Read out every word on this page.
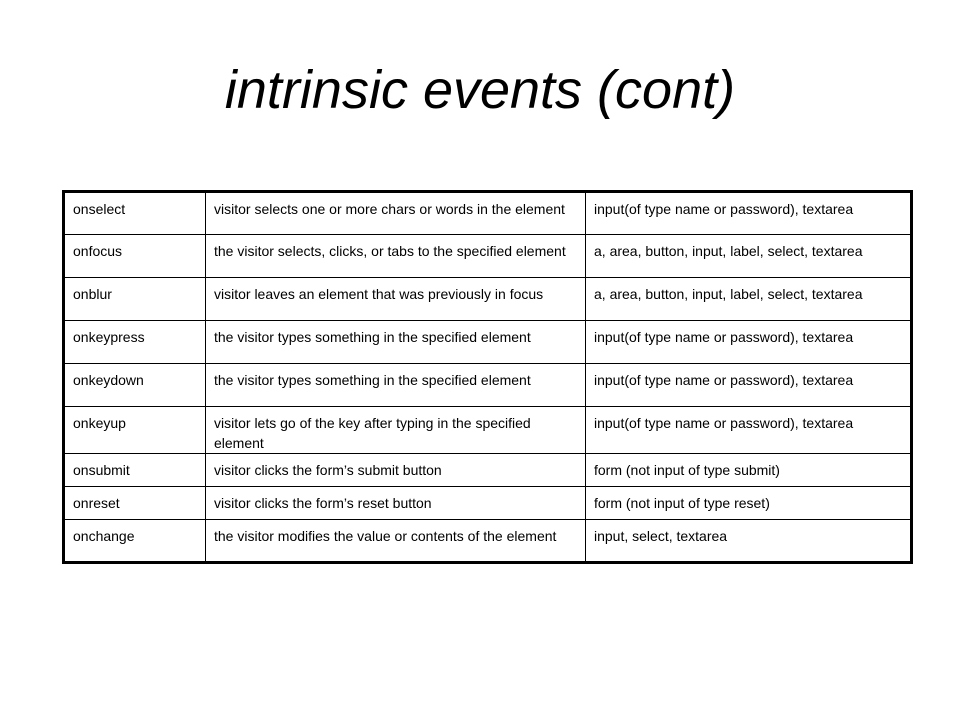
intrinsic events (cont)
onselect	visitor selects one or more chars or words in the element	input(of type name or password), textarea
onfocus	the visitor selects, clicks, or tabs to the specified element	a, area, button, input, label, select, textarea
onblur	visitor leaves an element that was previously in focus	a, area, button, input, label, select, textarea
onkeypress	the visitor types something in the specified element	input(of type name or password), textarea
onkeydown	the visitor types something in the specified element	input(of type name or password), textarea
onkeyup	visitor lets go of the key after typing in the specified element	input(of type name or password), textarea
onsubmit	visitor clicks the form’s submit button	form (not input of type submit)
onreset	visitor clicks the form’s reset button	form (not input of type reset)
onchange	the visitor modifies the value or contents of the element	input, select, textarea
